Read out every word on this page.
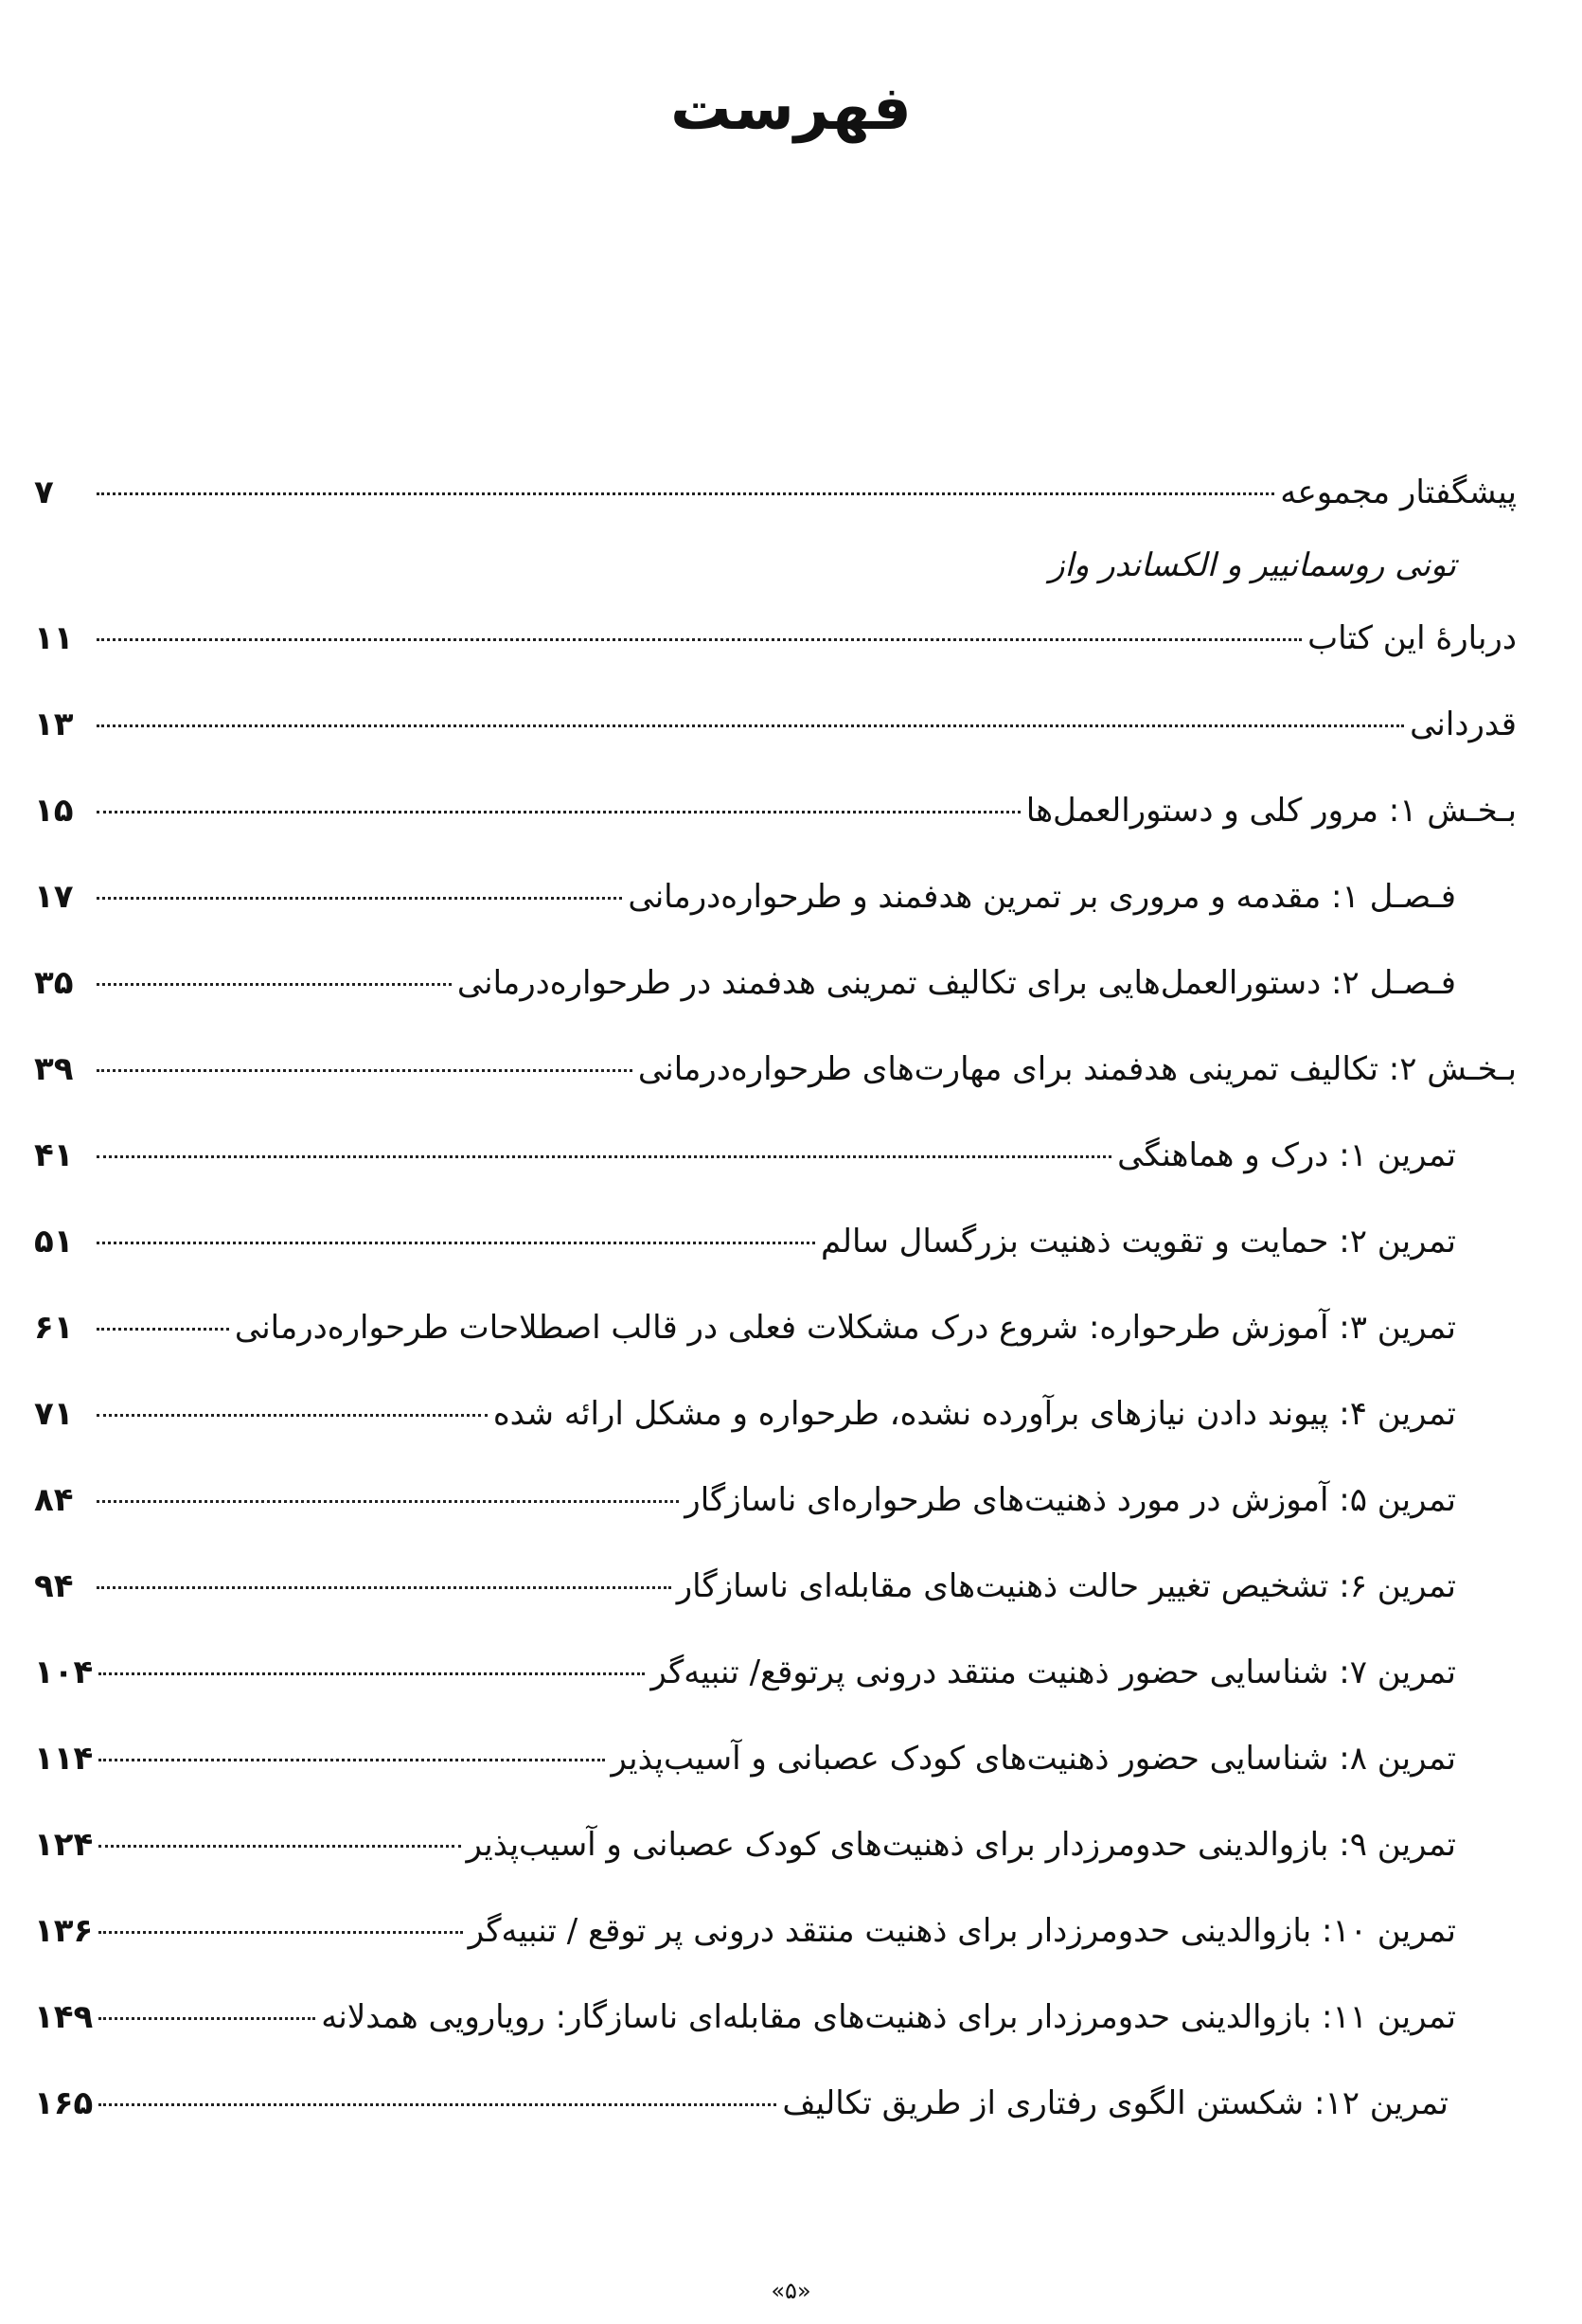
فهرست
پیشگفتار مجموعه
۷
تونی روسمانییر و الکساندر واز
دربارۀ این کتاب
۱۱
قدردانی
۱۳
بـخـش ۱: مرور کلی و دستورالعمل‌ها
۱۵
فـصـل ۱: مقدمه و مروری بر تمرین هدفمند و طرحواره‌درمانی
۱۷
فـصـل ۲: دستورالعمل‌هایی برای تکالیف تمرینی هدفمند در طرحواره‌درمانی
۳۵
بـخـش ۲: تکالیف تمرینی هدفمند برای مهارت‌های طرحواره‌درمانی
۳۹
تمرین ۱: درک و هماهنگی
۴۱
تمرین ۲: حمایت و تقویت ذهنیت بزرگسال سالم
۵۱
تمرین ۳: آموزش طرحواره: شروع درک مشکلات فعلی در قالب اصطلاحات طرحواره‌درمانی
۶۱
تمرین ۴: پیوند دادن نیازهای برآورده نشده، طرحواره و مشکل ارائه شده
۷۱
تمرین ۵: آموزش در مورد ذهنیت‌های طرحواره‌ای ناسازگار
۸۴
تمرین ۶: تشخیص تغییر حالت ذهنیت‌های مقابله‌ای ناسازگار
۹۴
تمرین ۷: شناسایی حضور ذهنیت منتقد درونی پرتوقع/ تنبیه‌گر
۱۰۴
تمرین ۸: شناسایی حضور ذهنیت‌های کودک عصبانی و آسیب‌پذیر
۱۱۴
تمرین ۹: بازوالدینی حدومرزدار برای ذهنیت‌های کودک عصبانی و آسیب‌پذیر
۱۲۴
تمرین ۱۰: بازوالدینی حدومرزدار برای ذهنیت منتقد درونی پر توقع / تنبیه‌گر
۱۳۶
تمرین ۱۱: بازوالدینی حدومرزدار برای ذهنیت‌های مقابله‌ای ناسازگار: رویارویی همدلانه
۱۴۹
تمرین ۱۲: شکستن الگوی رفتاری از طریق تکالیف
۱۶۵
«۵»
